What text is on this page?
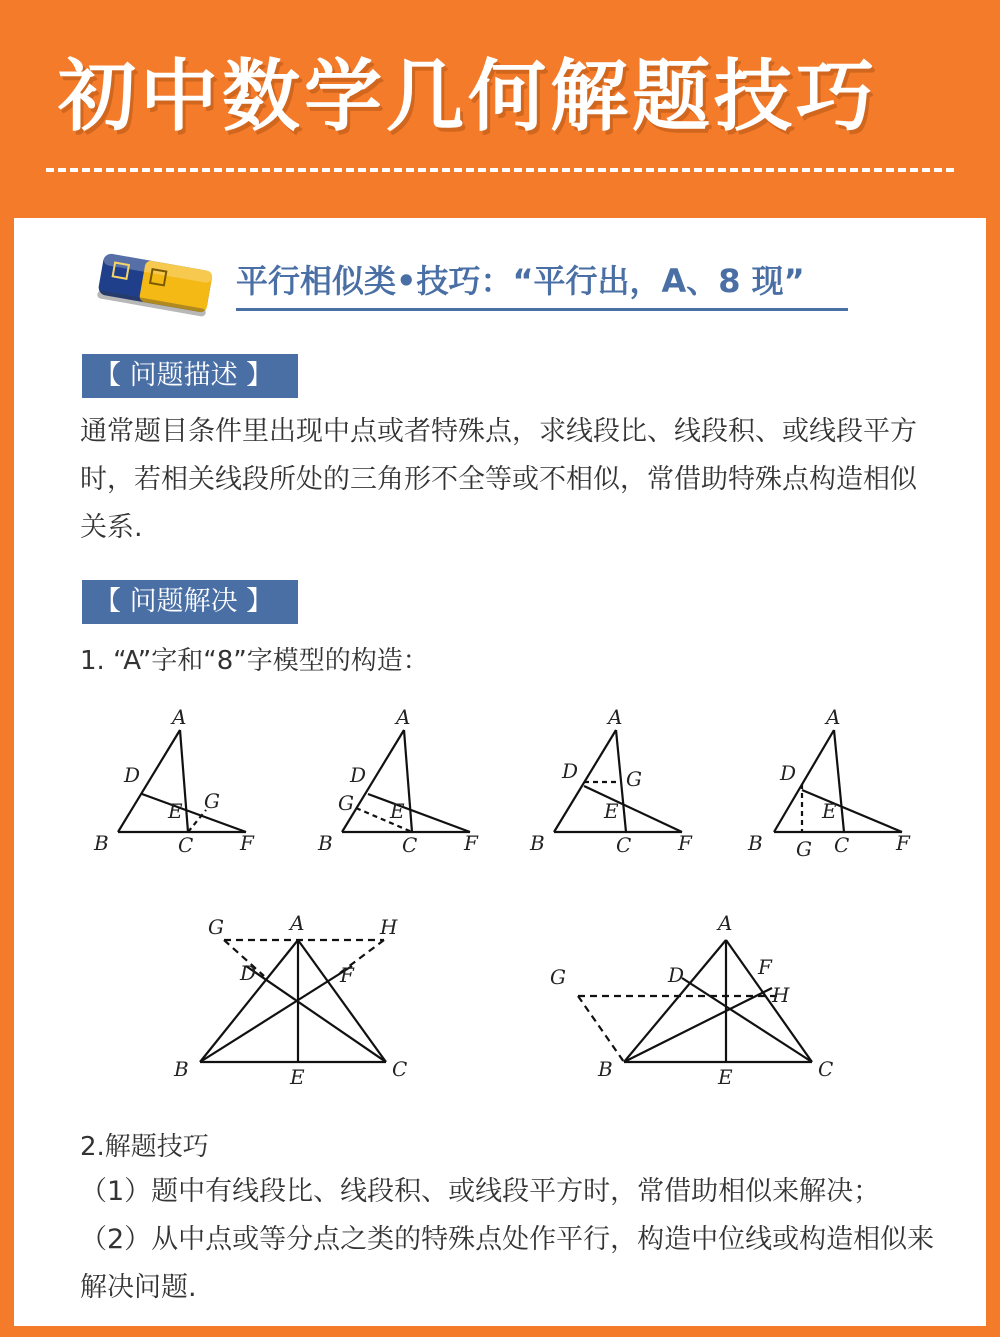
初中数学几何解题技巧
平行相似类•技巧：“平行出，A、8 现”
【 问题描述 】
通常题目条件里出现中点或者特殊点，求线段比、线段积、或线段平方时，若相关线段所处的三角形不全等或不相似，常借助特殊点构造相似关系.
【 问题解决 】
1. “A”字和“8”字模型的构造：
A
B	C
D
E
F
G
A
B	C
D
E
F
G
A
B	C
D
E
F
G
A
B	C
D
E
F
G
A
B	C
D
E
F
G	H	A
B	C
D
E
F
G
H
2.解题技巧
（1）题中有线段比、线段积、或线段平方时，常借助相似来解决；
（2）从中点或等分点之类的特殊点处作平行，构造中位线或构造相似来解决问题.
